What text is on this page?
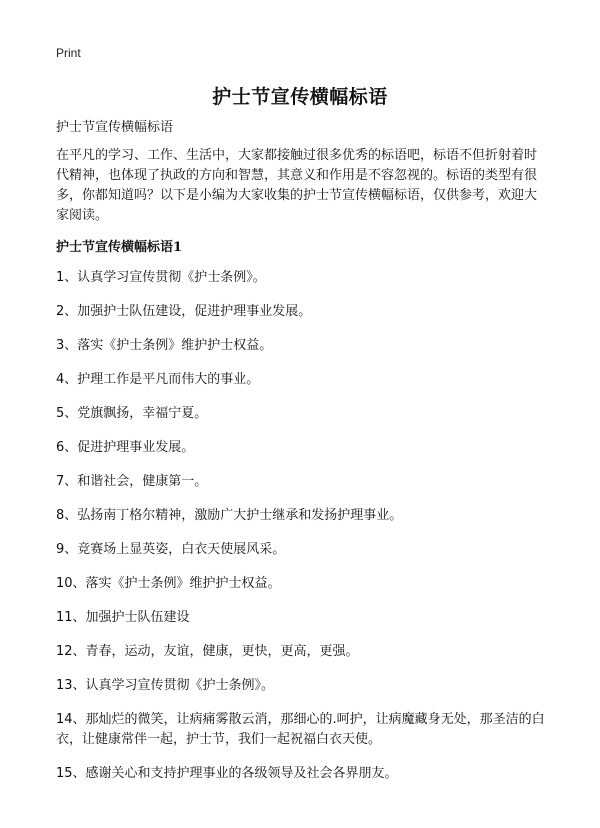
Print
护士节宣传横幅标语

护士节宣传横幅标语

在平凡的学习、工作、生活中，大家都接触过很多优秀的标语吧，标语不但折射着时代精神，也体现了执政的方向和智慧，其意义和作用是不容忽视的。标语的类型有很多，你都知道吗？以下是小编为大家收集的护士节宣传横幅标语，仅供参考，欢迎大家阅读。

护士节宣传横幅标语1

1、认真学习宣传贯彻《护士条例》。

2、加强护士队伍建设，促进护理事业发展。

3、落实《护士条例》维护护士权益。

4、护理工作是平凡而伟大的事业。

5、党旗飘扬，幸福宁夏。

6、促进护理事业发展。

7、和谐社会，健康第一。

8、弘扬南丁格尔精神，激励广大护士继承和发扬护理事业。

9、竞赛场上显英姿，白衣天使展风采。

10、落实《护士条例》维护护士权益。

11、加强护士队伍建设

12、青春，运动，友谊，健康，更快，更高，更强。

13、认真学习宣传贯彻《护士条例》。

14、那灿烂的微笑，让病痛雾散云消，那细心的.呵护，让病魔藏身无处，那圣洁的白衣，让健康常伴一起，护士节，我们一起祝福白衣天使。

15、感谢关心和支持护理事业的各级领导及社会各界朋友。
